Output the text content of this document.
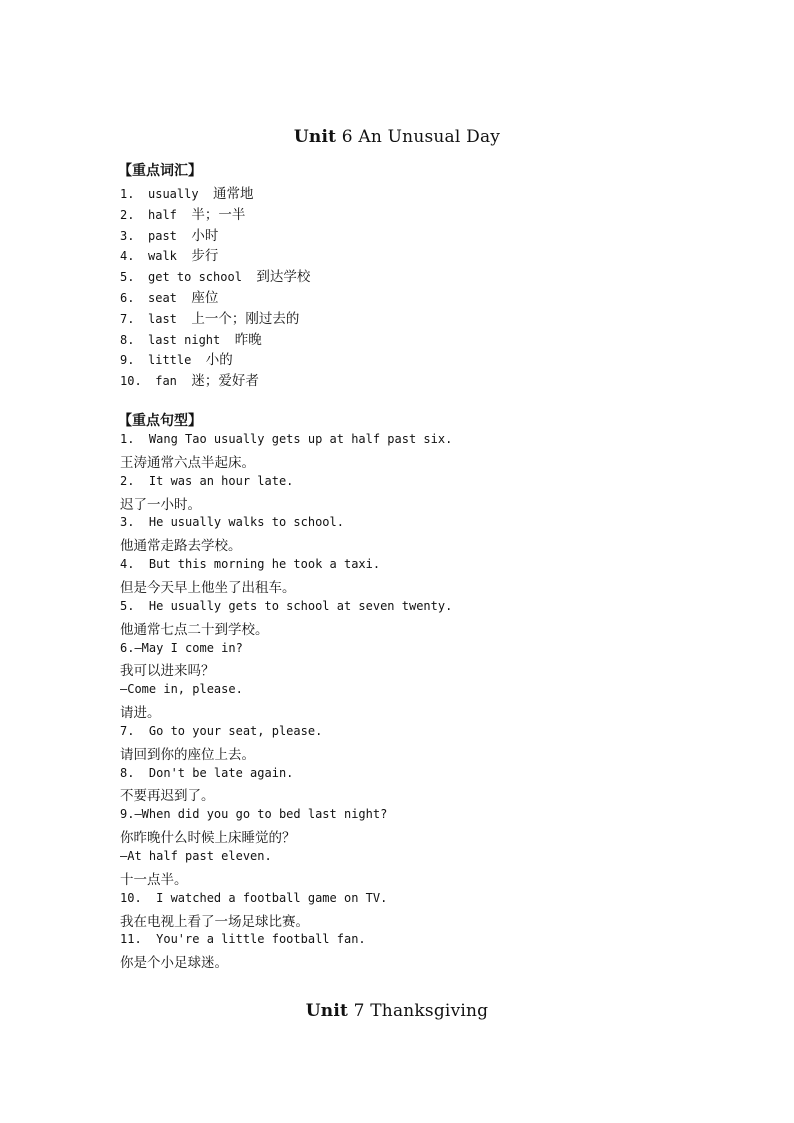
Unit 6 An Unusual Day
【重点词汇】
1. usually  通常地
2. half  半；一半
3. past  小时
4. walk  步行
5. get to school  到达学校
6. seat  座位
7. last  上一个；刚过去的
8. last night  昨晚
9. little  小的
10. fan  迷；爱好者
【重点句型】
1.  Wang Tao usually gets up at half past six.
王涛通常六点半起床。
2.  It was an hour late.
迟了一小时。
3.  He usually walks to school.
他通常走路去学校。
4.  But this morning he took a taxi.
但是今天早上他坐了出租车。
5.  He usually gets to school at seven twenty.
他通常七点二十到学校。
6.—May I come in?
我可以进来吗？
—Come in, please.
请进。
7.  Go to your seat, please.
请回到你的座位上去。
8.  Don't be late again.
不要再迟到了。
9.—When did you go to bed last night?
你昨晚什么时候上床睡觉的？
—At half past eleven.
十一点半。
10.  I watched a football game on TV.
我在电视上看了一场足球比赛。
11.  You're a little football fan.
你是个小足球迷。
Unit 7 Thanksgiving
